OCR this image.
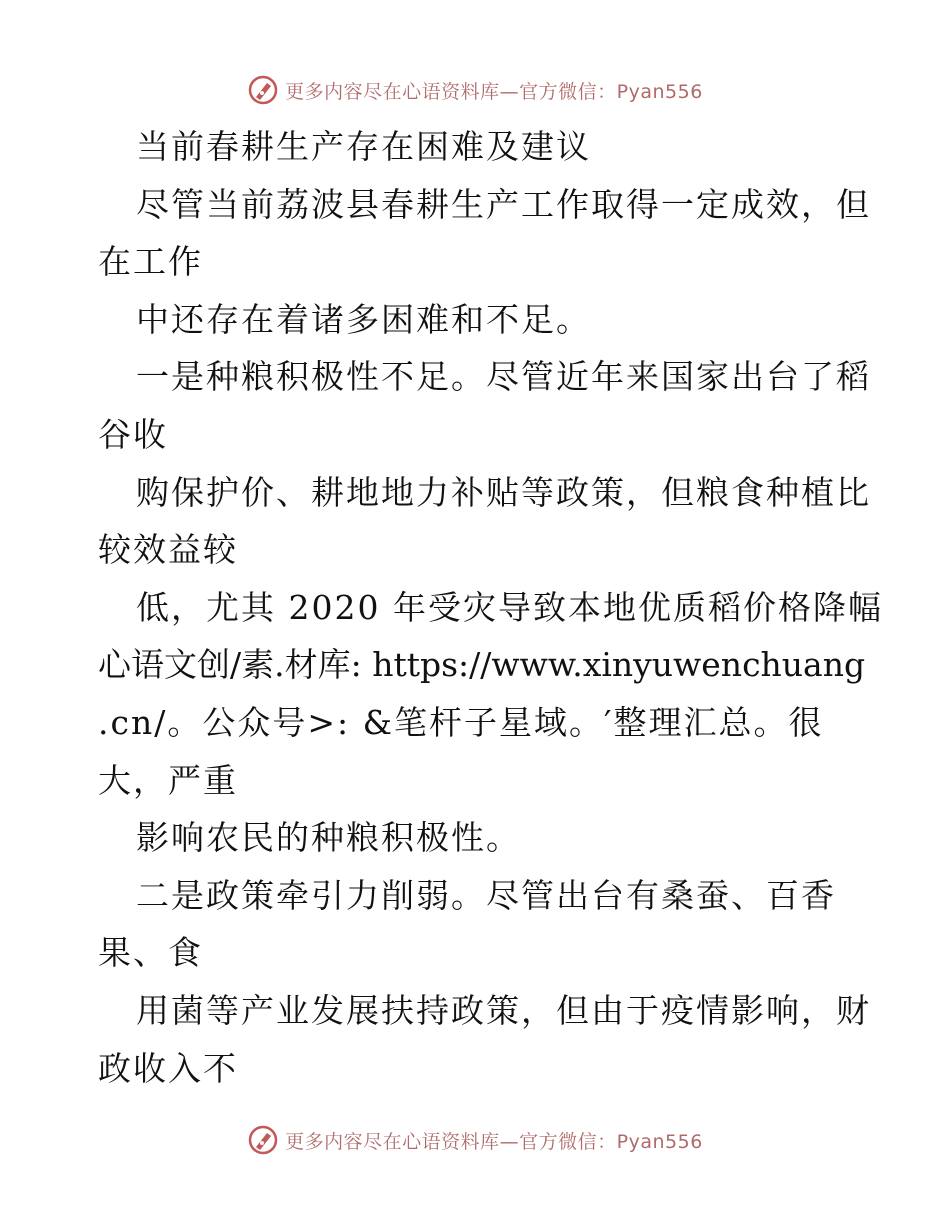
更多内容尽在心语资料库—官方微信：Pyan556
当前春耕生产存在困难及建议
尽管当前荔波县春耕生产工作取得一定成效，但
在工作
中还存在着诸多困难和不足。
一是种粮积极性不足。尽管近年来国家出台了稻
谷收
购保护价、耕地地力补贴等政策，但粮食种植比
较效益较
低，尤其 2020 年受灾导致本地优质稻价格降幅
心语文创/素.材库: https://www.xinyuwenchuang
.cn/。公众号>: &笔杆子星域。′整理汇总。很
大，严重
影响农民的种粮积极性。
二是政策牵引力削弱。尽管出台有桑蚕、百香
果、食
用菌等产业发展扶持政策，但由于疫情影响，财
政收入不
更多内容尽在心语资料库—官方微信：Pyan556
